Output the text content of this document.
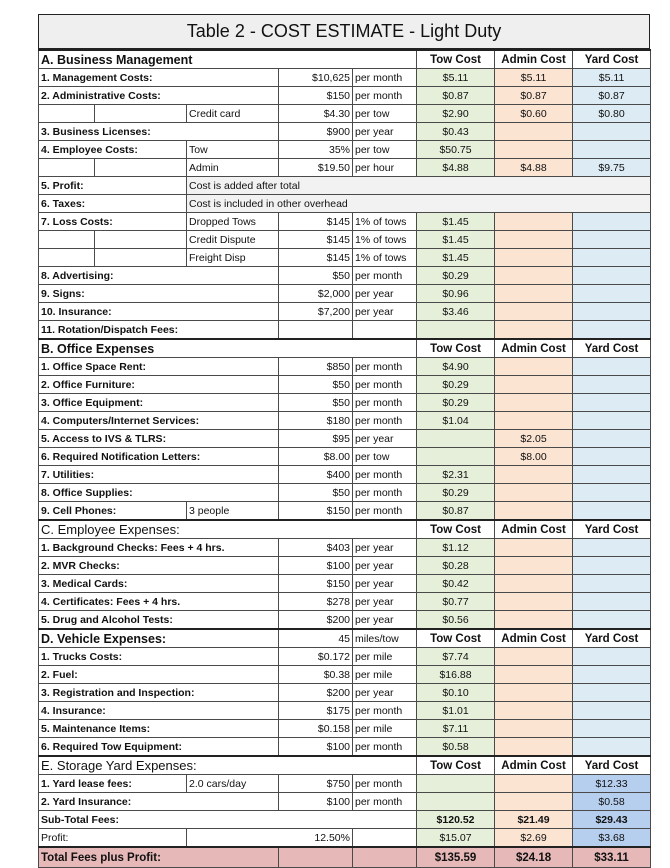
Table 2 - COST ESTIMATE - Light Duty
A. Business Management					Tow Cost	Admin Cost	Yard Cost
1. Management Costs:			$10,625	per month	$5.11	$5.11	$5.11
2. Administrative Costs:			$150	per month	$0.87	$0.87	$0.87
		Credit card	$4.30	per tow	$2.90	$0.60	$0.80
3. Business Licenses:			$900	per year	$0.43		
4. Employee Costs:		Tow	35%	per tow	$50.75		
		Admin	$19.50	per hour	$4.88	$4.88	$9.75
5. Profit:		Cost is added after total					
6. Taxes:		Cost is included in other overhead					
7. Loss Costs:		Dropped Tows	$145	1% of tows	$1.45		
		Credit Dispute	$145	1% of tows	$1.45		
		Freight Disp	$145	1% of tows	$1.45		
8. Advertising:			$50	per month	$0.29		
9. Signs:			$2,000	per year	$0.96		
10. Insurance:			$7,200	per year	$3.46		
11. Rotation/Dispatch Fees:							
B. Office Expenses					Tow Cost	Admin Cost	Yard Cost
1. Office Space Rent:			$850	per month	$4.90		
2. Office Furniture:			$50	per month	$0.29		
3. Office Equipment:			$50	per month	$0.29		
4. Computers/Internet Services:			$180	per month	$1.04		
5. Access to IVS & TLRS:			$95	per year		$2.05	
6. Required Notification Letters:			$8.00	per tow		$8.00	
7. Utilities:			$400	per month	$2.31		
8. Office Supplies:			$50	per month	$0.29		
9. Cell Phones:		3 people	$150	per month	$0.87		
C. Employee Expenses:					Tow Cost	Admin Cost	Yard Cost
1. Background Checks: Fees + 4 hrs.			$403	per year	$1.12		
2. MVR Checks:			$100	per year	$0.28		
3. Medical Cards:			$150	per year	$0.42		
4. Certificates: Fees + 4 hrs.			$278	per year	$0.77		
5. Drug and Alcohol Tests:			$200	per year	$0.56		
D. Vehicle Expenses:			45	miles/tow	Tow Cost	Admin Cost	Yard Cost
1. Trucks Costs:			$0.172	per mile	$7.74		
2. Fuel:			$0.38	per mile	$16.88		
3. Registration and Inspection:			$200	per year	$0.10		
4. Insurance:			$175	per month	$1.01		
5. Maintenance Items:			$0.158	per mile	$7.11		
6. Required Tow Equipment:			$100	per month	$0.58		
E. Storage Yard Expenses:					Tow Cost	Admin Cost	Yard Cost
1. Yard lease fees:		2.0 cars/day	$750	per month			$12.33
2. Yard Insurance:			$100	per month			$0.58
Sub-Total Fees:					$120.52	$21.49	$29.43
Profit:		12.50%			$15.07	$2.69	$3.68
Total Fees plus Profit:					$135.59	$24.18	$33.11
